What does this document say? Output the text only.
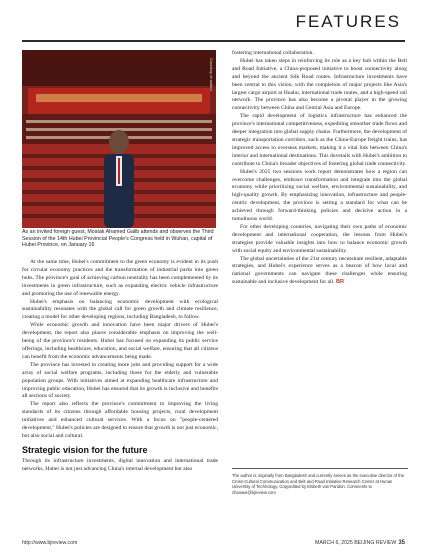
FEATURES
Courtesy of author

As an invited foreign guest, Mostak Ahamed Galib attends and observes the Third Session of the 14th Hubei Provincial People's Congress held in Wuhan, capital of Hubei Province, on January 16

At the same time, Hubei's commitment to the green economy is evident in its push for circular economy practices and the transformation of industrial parks into green hubs. The province's goal of achieving carbon neutrality has been complemented by its investments in green infrastructure, such as expanding electric vehicle infrastructure and promoting the use of renewable energy.

Hubei's emphasis on balancing economic development with ecological sustainability resonates with the global call for green growth and climate resilience, creating a model for other developing regions, including Bangladesh, to follow.

While economic growth and innovation have been major drivers of Hubei's development, the report also places considerable emphasis on improving the well-being of the province's residents. Hubei has focused on expanding its public service offerings, including healthcare, education, and social welfare, ensuring that all citizens can benefit from the economic advancements being made.

The province has invested in creating more jobs and providing support for a wide array of social welfare programs, including those for the elderly and vulnerable population groups. With initiatives aimed at expanding healthcare infrastructure and improving public education, Hubei has ensured that its growth is inclusive and benefits all sections of society.

The report also reflects the province's commitment to improving the living standards of its citizens through affordable housing projects, rural development initiatives and enhanced cultural services. With a focus on "people-centered development," Hubei's policies are designed to ensure that growth is not just economic, but also social and cultural.

Strategic vision for the future

Through its infrastructure investments, digital innovation and international trade networks, Hubei is not just advancing China's internal development but also

fostering international collaboration.

Hubei has taken steps in reinforcing its role as a key hub within the Belt and Road Initiative, a China-proposed initiative to boost connectivity along and beyond the ancient Silk Road routes. Infrastructure investments have been central to this vision, with the completion of major projects like Asia's largest cargo airport at Huahu, international trade routes, and a high-speed rail network. The province has also become a pivotal player in the growing connectivity between China and Central Asia and Europe.

The rapid development of logistics infrastructure has enhanced the province's international competitiveness, expediting smoother trade flows and deeper integration into global supply chains. Furthermore, the development of strategic transportation corridors, such as the China-Europe freight trains, has improved access to overseas markets, making it a vital link between China's interior and international destinations. This dovetails with Hubei's ambition to contribute to China's broader objectives of fostering global trade connectivity.

Hubei's 2025 two sessions work report demonstrates how a region can overcome challenges, embrace transformation and integrate into the global economy while prioritizing social welfare, environmental sustainability, and high-quality growth. By emphasizing innovation, infrastructure and people-centric development, the province is setting a standard for what can be achieved through forward-thinking policies and decisive action in a tumultuous world.

For other developing countries, navigating their own paths of economic development and international cooperation, the lessons from Hubei's strategies provide valuable insights into how to balance economic growth with social equity and environmental sustainability.

The global uncertainties of the 21st century necessitate resilient, adaptable strategies, and Hubei's experience serves as a beacon of how local and national governments can navigate these challenges while ensuring sustainable and inclusive development for all. BR

The author is originally from Bangladesh and currently serves as the executive director of the Cross-Cultural Communication and Belt and Road Initiative Research Center at Hunan University of Technology. Copyedited by Elsbeth van Paridon. Comments to zhaowei@bjreview.com
http://www.bjreview.com	MARCH 6, 2025 BEIJING REVIEW 35
